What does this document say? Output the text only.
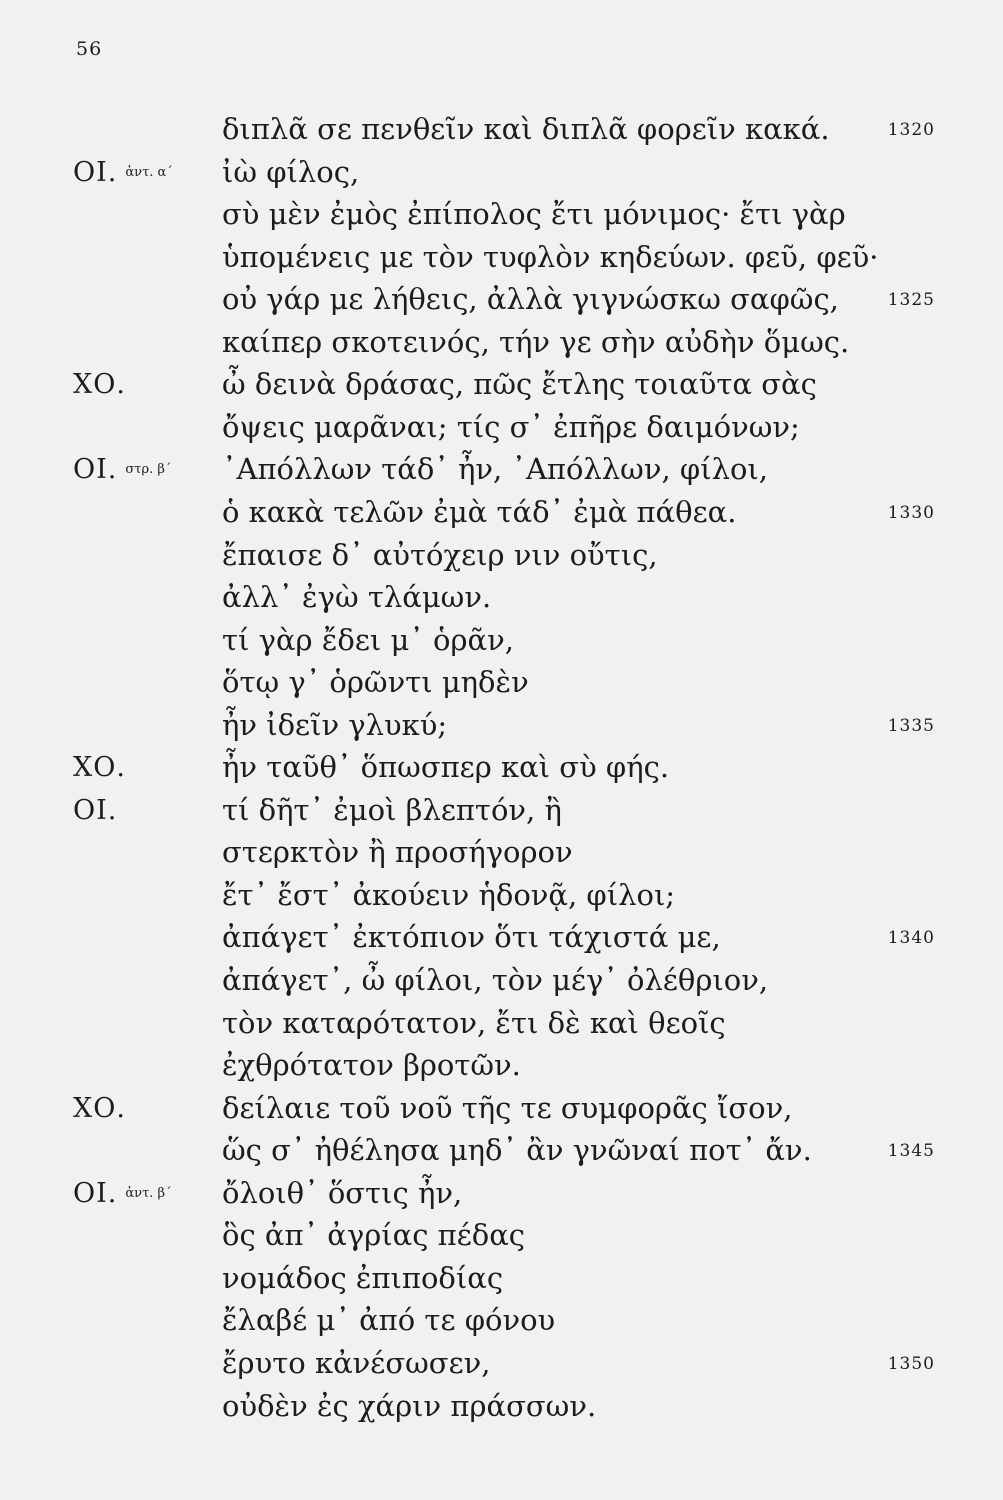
56
διπλᾶ σε πενθεῖν καὶ διπλᾶ φορεῖν κακά.	1320
ΟΙ. ἀντ. α΄ ἰὼ φίλος,
σὺ μὲν ἐμὸς ἐπίπολος ἔτι μόνιμος· ἔτι γὰρ
ὑπομένεις με τὸν τυφλὸν κηδεύων. φεῦ, φεῦ·
οὐ γάρ με λήθεις, ἀλλὰ γιγνώσκω σαφῶς,	1325
καίπερ σκοτεινός, τήν γε σὴν αὐδὴν ὅμως.
ΧΟ.	ὦ δεινὰ δράσας, πῶς ἔτλης τοιαῦτα σὰς
ὄψεις μαρᾶναι; τίς σ᾽ ἐπῆρε δαιμόνων;
ΟΙ. στρ. β΄ ᾽Απόλλων τάδ᾽ ἦν, ᾽Απόλλων, φίλοι,
ὁ κακὰ τελῶν ἐμὰ τάδ᾽ ἐμὰ πάθεα.	1330
ἔπαισε δ᾽ αὐτόχειρ νιν οὔτις,
ἀλλ᾽ ἐγὼ τλάμων.
τί γὰρ ἔδει μ᾽ ὁρᾶν,
ὅτῳ γ᾽ ὁρῶντι μηδὲν
ἦν ἰδεῖν γλυκύ;	1335
ΧΟ.	ἦν ταῦθ᾽ ὅπωσπερ καὶ σὺ φής.
ΟΙ.	τί δῆτ᾽ ἐμοὶ βλεπτόν, ἢ
στερκτὸν ἢ προσήγορον
ἔτ᾽ ἔστ᾽ ἀκούειν ἡδονᾷ, φίλοι;
ἀπάγετ᾽ ἐκτόπιον ὅτι τάχιστά με,	1340
ἀπάγετ᾽, ὦ φίλοι, τὸν μέγ᾽ ὀλέθριον,
τὸν καταρότατον, ἔτι δὲ καὶ θεοῖς
ἐχθρότατον βροτῶν.
ΧΟ.	δείλαιε τοῦ νοῦ τῆς τε συμφορᾶς ἴσον,
ὥς σ᾽ ἠθέλησα μηδ᾽ ἂν γνῶναί ποτ᾽ ἄν.	1345
ΟΙ. ἀντ. β΄ ὄλοιθ᾽ ὅστις ἦν,
ὃς ἀπ᾽ ἀγρίας πέδας
νομάδος ἐπιποδίας
ἔλαβέ μ᾽ ἀπό τε φόνου
ἔρυτο κἀνέσωσεν,	1350
οὐδὲν ἐς χάριν πράσσων.
